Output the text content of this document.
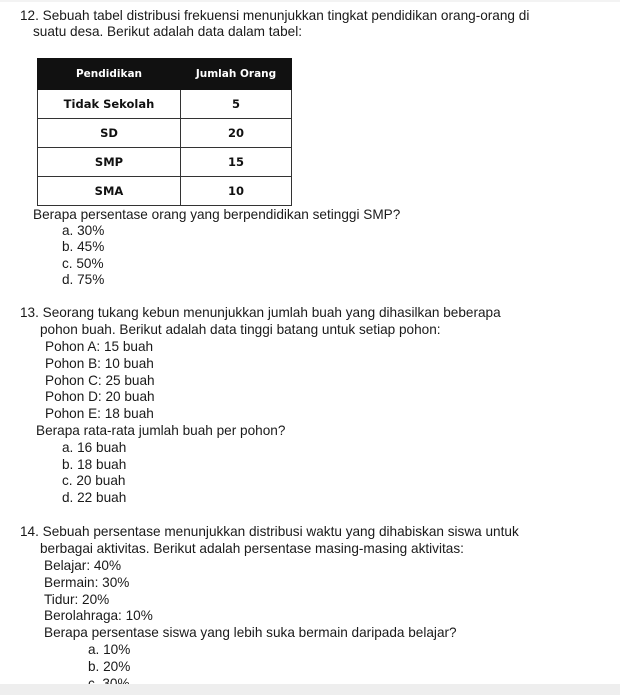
12. Sebuah tabel distribusi frekuensi menunjukkan tingkat pendidikan orang-orang di
suatu desa. Berikut adalah data dalam tabel:
Pendidikan	Jumlah Orang
Tidak Sekolah	5
SD	20
SMP	15
SMA	10
Berapa persentase orang yang berpendidikan setinggi SMP?
a. 30%
b. 45%
c. 50%
d. 75%
13. Seorang tukang kebun menunjukkan jumlah buah yang dihasilkan beberapa
pohon buah. Berikut adalah data tinggi batang untuk setiap pohon:
Pohon A: 15 buah
Pohon B: 10 buah
Pohon C: 25 buah
Pohon D: 20 buah
Pohon E: 18 buah
Berapa rata-rata jumlah buah per pohon?
a. 16 buah
b. 18 buah
c. 20 buah
d. 22 buah
14. Sebuah persentase menunjukkan distribusi waktu yang dihabiskan siswa untuk
berbagai aktivitas. Berikut adalah persentase masing-masing aktivitas:
Belajar: 40%
Bermain: 30%
Tidur: 20%
Berolahraga: 10%
Berapa persentase siswa yang lebih suka bermain daripada belajar?
a. 10%
b. 20%
